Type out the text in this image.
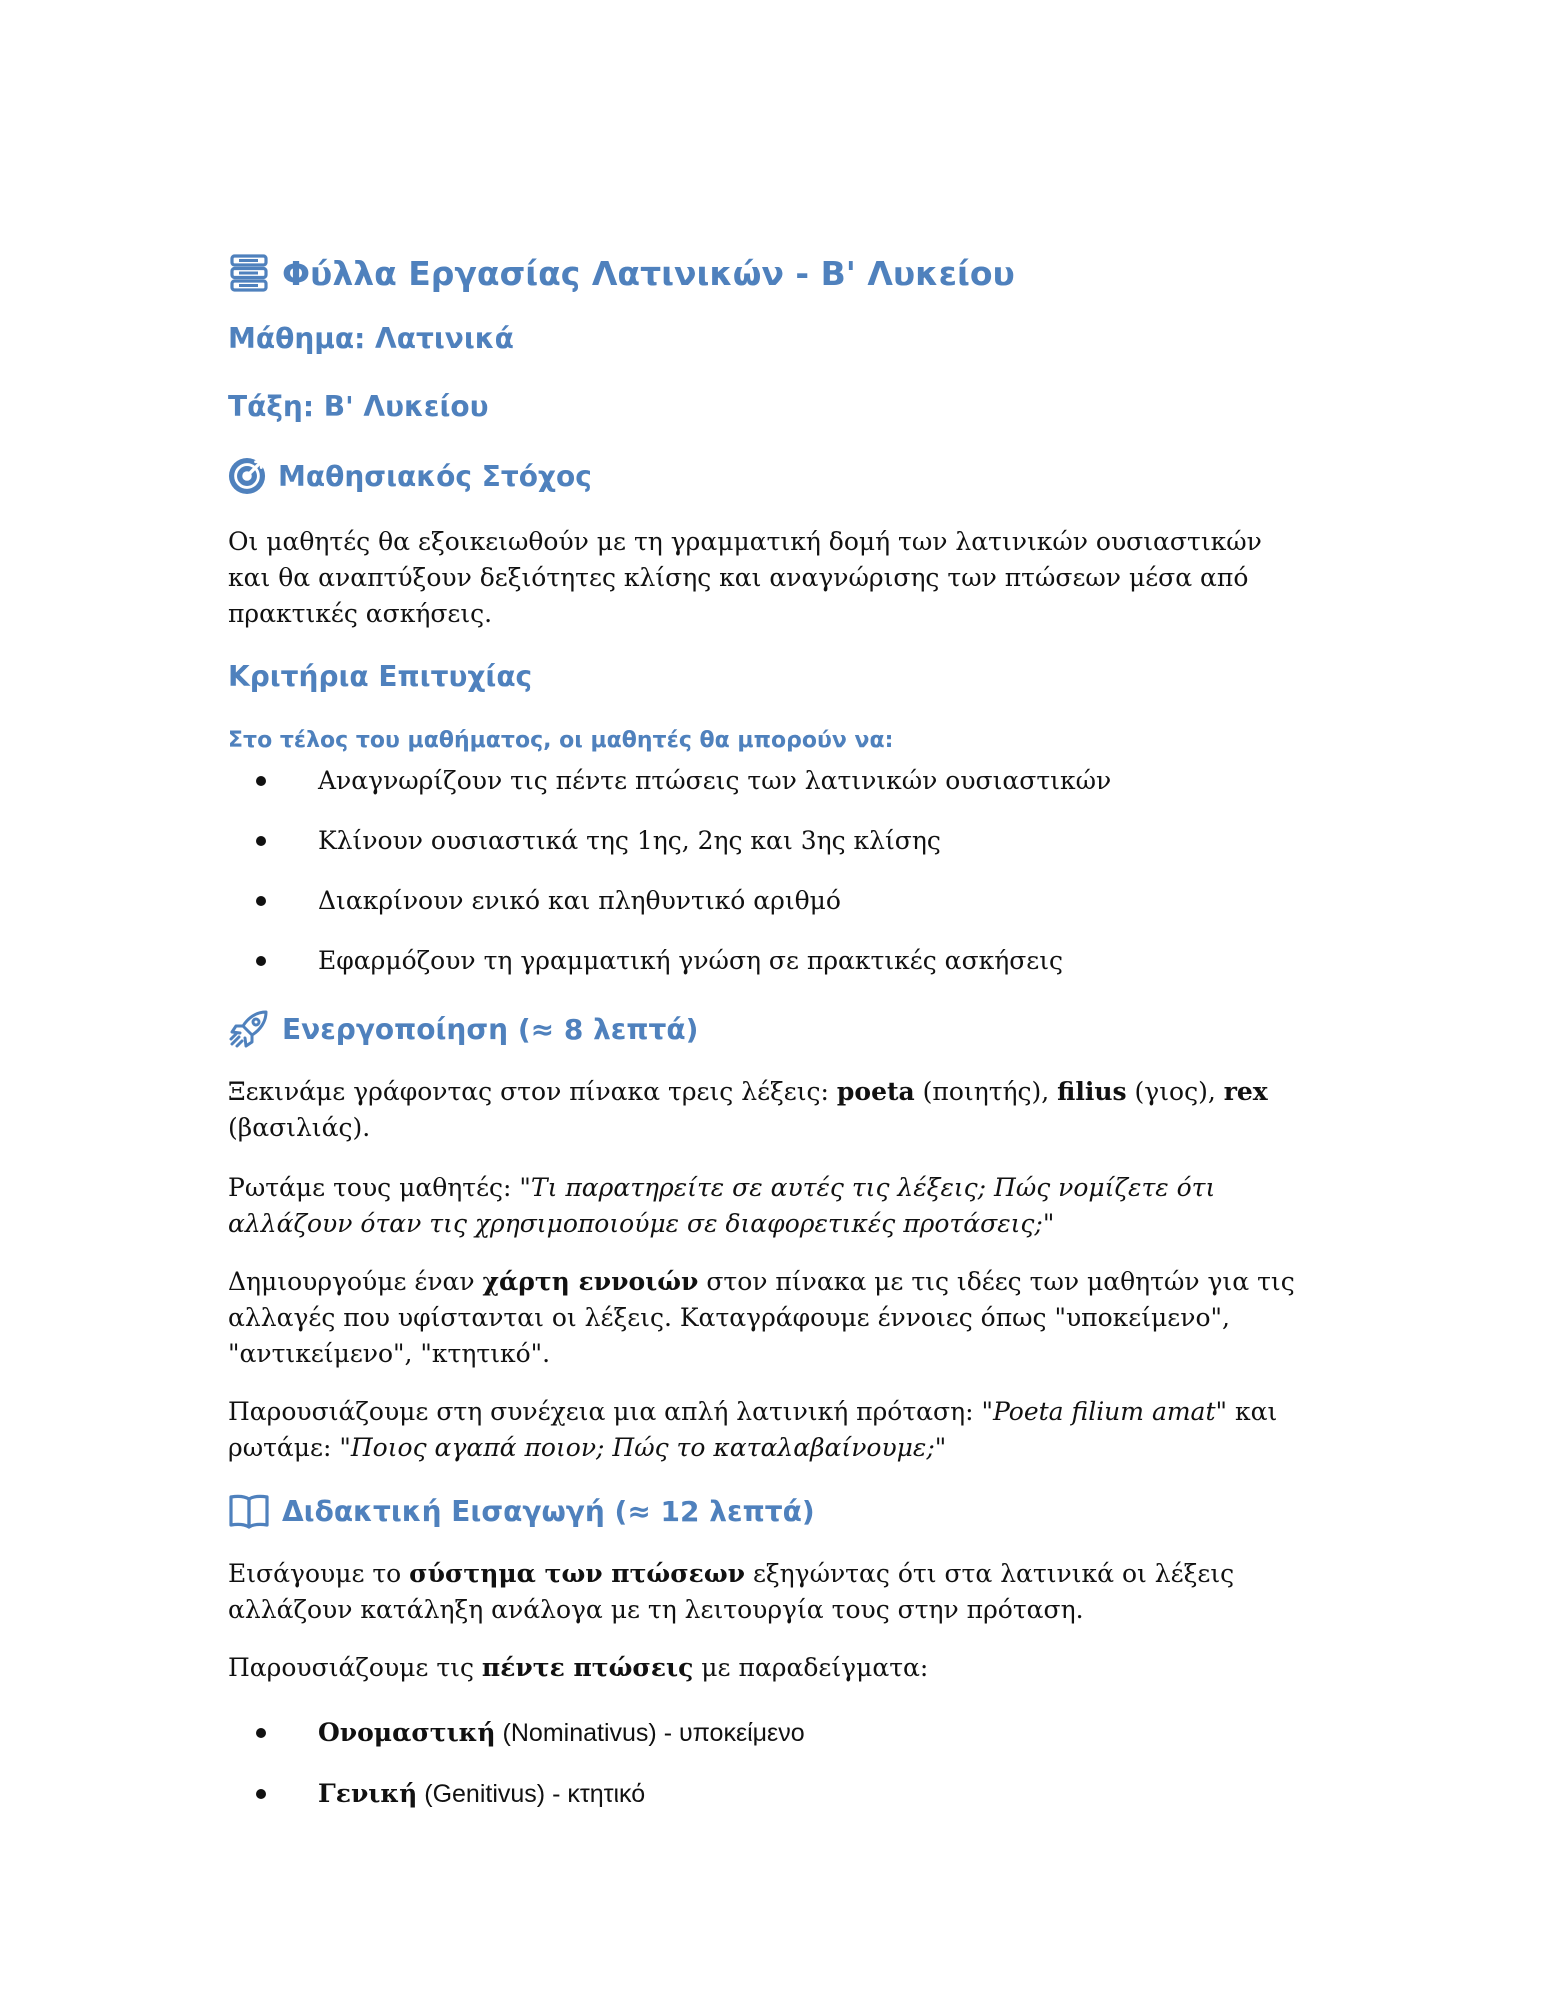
Φύλλα Εργασίας Λατινικών - Β' Λυκείου
Μάθημα: Λατινικά
Τάξη: Β' Λυκείου
Μαθησιακός Στόχος
Οι μαθητές θα εξοικειωθούν με τη γραμματική δομή των λατινικών ουσιαστικών
και θα αναπτύξουν δεξιότητες κλίσης και αναγνώρισης των πτώσεων μέσα από
πρακτικές ασκήσεις.
Κριτήρια Επιτυχίας
Στο τέλος του μαθήματος, οι μαθητές θα μπορούν να:
Αναγνωρίζουν τις πέντε πτώσεις των λατινικών ουσιαστικών
Κλίνουν ουσιαστικά της 1ης, 2ης και 3ης κλίσης
Διακρίνουν ενικό και πληθυντικό αριθμό
Εφαρμόζουν τη γραμματική γνώση σε πρακτικές ασκήσεις
Ενεργοποίηση (≈ 8 λεπτά)
Ξεκινάμε γράφοντας στον πίνακα τρεις λέξεις: poeta (ποιητής), filius (γιος), rex
(βασιλιάς).
Ρωτάμε τους μαθητές: "Τι παρατηρείτε σε αυτές τις λέξεις; Πώς νομίζετε ότι
αλλάζουν όταν τις χρησιμοποιούμε σε διαφορετικές προτάσεις;"
Δημιουργούμε έναν χάρτη εννοιών στον πίνακα με τις ιδέες των μαθητών για τις
αλλαγές που υφίστανται οι λέξεις. Καταγράφουμε έννοιες όπως "υποκείμενο",
"αντικείμενο", "κτητικό".
Παρουσιάζουμε στη συνέχεια μια απλή λατινική πρόταση: "Poeta filium amat" και
ρωτάμε: "Ποιος αγαπά ποιον; Πώς το καταλαβαίνουμε;"
Διδακτική Εισαγωγή (≈ 12 λεπτά)
Εισάγουμε το σύστημα των πτώσεων εξηγώντας ότι στα λατινικά οι λέξεις
αλλάζουν κατάληξη ανάλογα με τη λειτουργία τους στην πρόταση.
Παρουσιάζουμε τις πέντε πτώσεις με παραδείγματα:
Ονομαστική (Nominativus) - υποκείμενο
Γενική (Genitivus) - κτητικό
